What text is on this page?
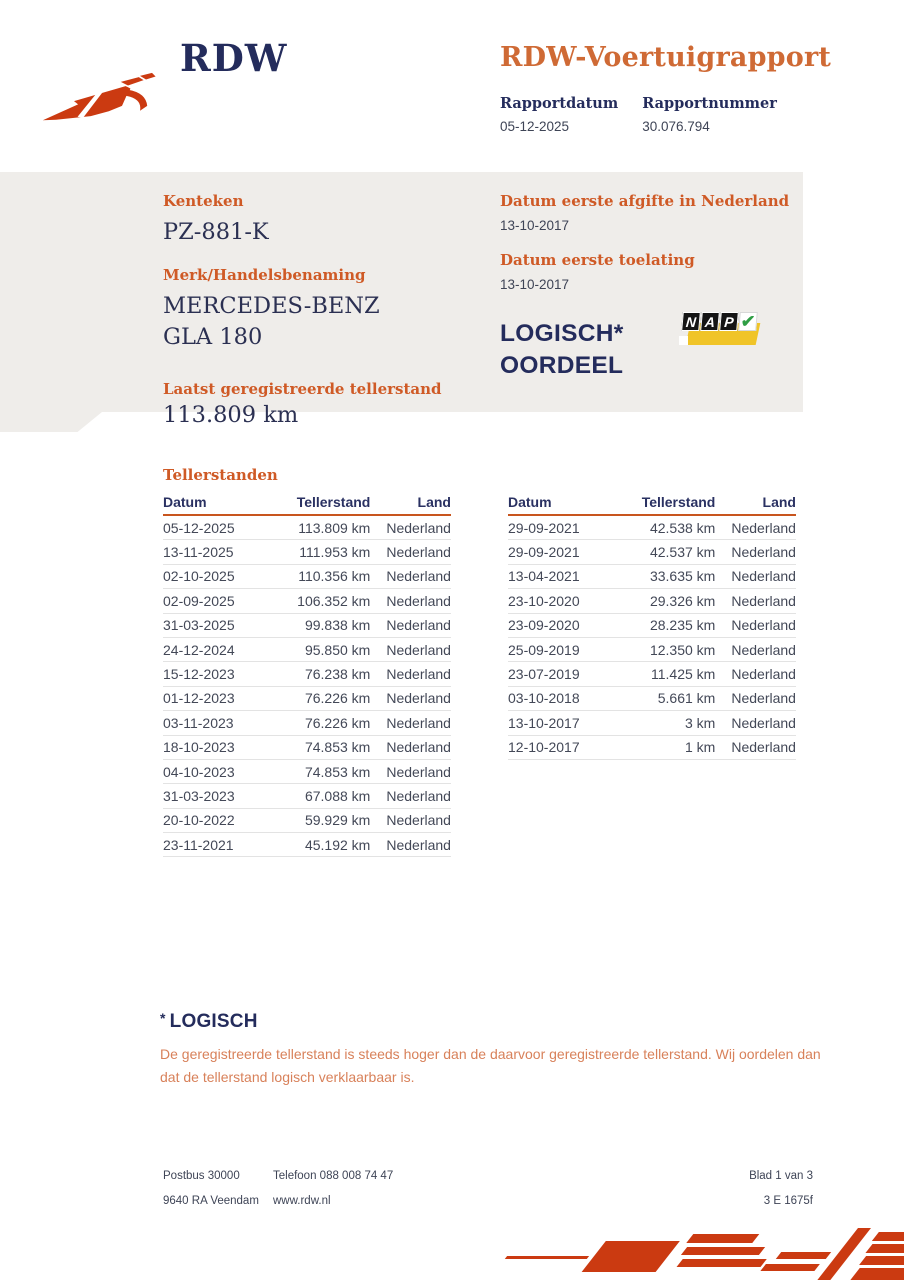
RDW	RDW-Voertuigrapport
Rapportdatum
05-12-2025
Rapportnummer
30.076.794
Kenteken
PZ-881-K
Merk/Handelsbenaming
MERCEDES-BENZ
GLA 180
Laatst geregistreerde tellerstand
113.809 km
Datum eerste afgifte in Nederland
13-10-2017
Datum eerste toelating
13-10-2017
LOGISCH*
OORDEEL
N A P ✔
Tellerstanden
Datum	Tellerstand	Land
05-12-2025	113.809 km	Nederland
13-11-2025	111.953 km	Nederland
02-10-2025	110.356 km	Nederland
02-09-2025	106.352 km	Nederland
31-03-2025	99.838 km	Nederland
24-12-2024	95.850 km	Nederland
15-12-2023	76.238 km	Nederland
01-12-2023	76.226 km	Nederland
03-11-2023	76.226 km	Nederland
18-10-2023	74.853 km	Nederland
04-10-2023	74.853 km	Nederland
31-03-2023	67.088 km	Nederland
20-10-2022	59.929 km	Nederland
23-11-2021	45.192 km	Nederland
Datum	Tellerstand	Land
29-09-2021	42.538 km	Nederland
29-09-2021	42.537 km	Nederland
13-04-2021	33.635 km	Nederland
23-10-2020	29.326 km	Nederland
23-09-2020	28.235 km	Nederland
25-09-2019	12.350 km	Nederland
23-07-2019	11.425 km	Nederland
03-10-2018	5.661 km	Nederland
13-10-2017	3 km	Nederland
12-10-2017	1 km	Nederland
* LOGISCH
De geregistreerde tellerstand is steeds hoger dan de daarvoor geregistreerde tellerstand. Wij oordelen dan dat de tellerstand logisch verklaarbaar is.
Postbus 30000	Telefoon 088 008 74 47
9640 RA Veendam	www.rdw.nl
Blad 1 van 3
3 E 1675f
